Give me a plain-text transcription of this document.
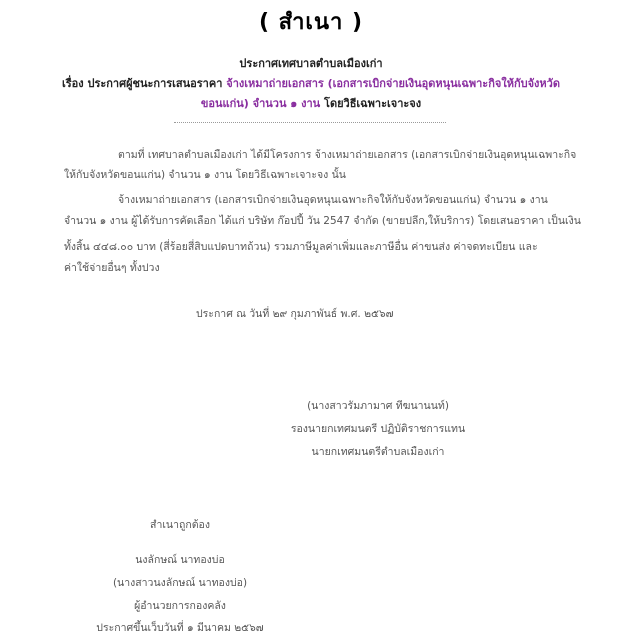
( สำเนา )
ประกาศเทศบาลตำบลเมืองเก่า
เรื่อง ประกาศผู้ชนะการเสนอราคา จ้างเหมาถ่ายเอกสาร (เอกสารเบิกจ่ายเงินอุดหนุนเฉพาะกิจให้กับจังหวัด
ขอนแก่น) จำนวน ๑ งาน โดยวิธีเฉพาะเจาะจง
ตามที่ เทศบาลตำบลเมืองเก่า ได้มีโครงการ จ้างเหมาถ่ายเอกสาร (เอกสารเบิกจ่ายเงินอุดหนุนเฉพาะกิจ
ให้กับจังหวัดขอนแก่น) จำนวน ๑ งาน โดยวิธีเฉพาะเจาะจง นั้น
จ้างเหมาถ่ายเอกสาร (เอกสารเบิกจ่ายเงินอุดหนุนเฉพาะกิจให้กับจังหวัดขอนแก่น) จำนวน ๑ งาน
จำนวน ๑ งาน ผู้ได้รับการคัดเลือก ได้แก่ บริษัท ก๊อปปี้ วัน 2547 จำกัด (ขายปลีก,ให้บริการ) โดยเสนอราคา เป็นเงิน
ทั้งสิ้น ๔๔๘.๐๐ บาท (สี่ร้อยสี่สิบแปดบาทถ้วน) รวมภาษีมูลค่าเพิ่มและภาษีอื่น ค่าขนส่ง ค่าจดทะเบียน และ
ค่าใช้จ่ายอื่นๆ ทั้งปวง
ประกาศ ณ วันที่ ๒๙ กุมภาพันธ์ พ.ศ. ๒๕๖๗
(นางสาวรัมภามาศ ทีฆนานนท์)
รองนายกเทศมนตรี ปฏิบัติราชการแทน
นายกเทศมนตรีตำบลเมืองเก่า
สำเนาถูกต้อง
นงลักษณ์ นาทองบ่อ
(นางสาวนงลักษณ์ นาทองบ่อ)
ผู้อำนวยการกองคลัง
ประกาศขึ้นเว็บวันที่ ๑ มีนาคม ๒๕๖๗
